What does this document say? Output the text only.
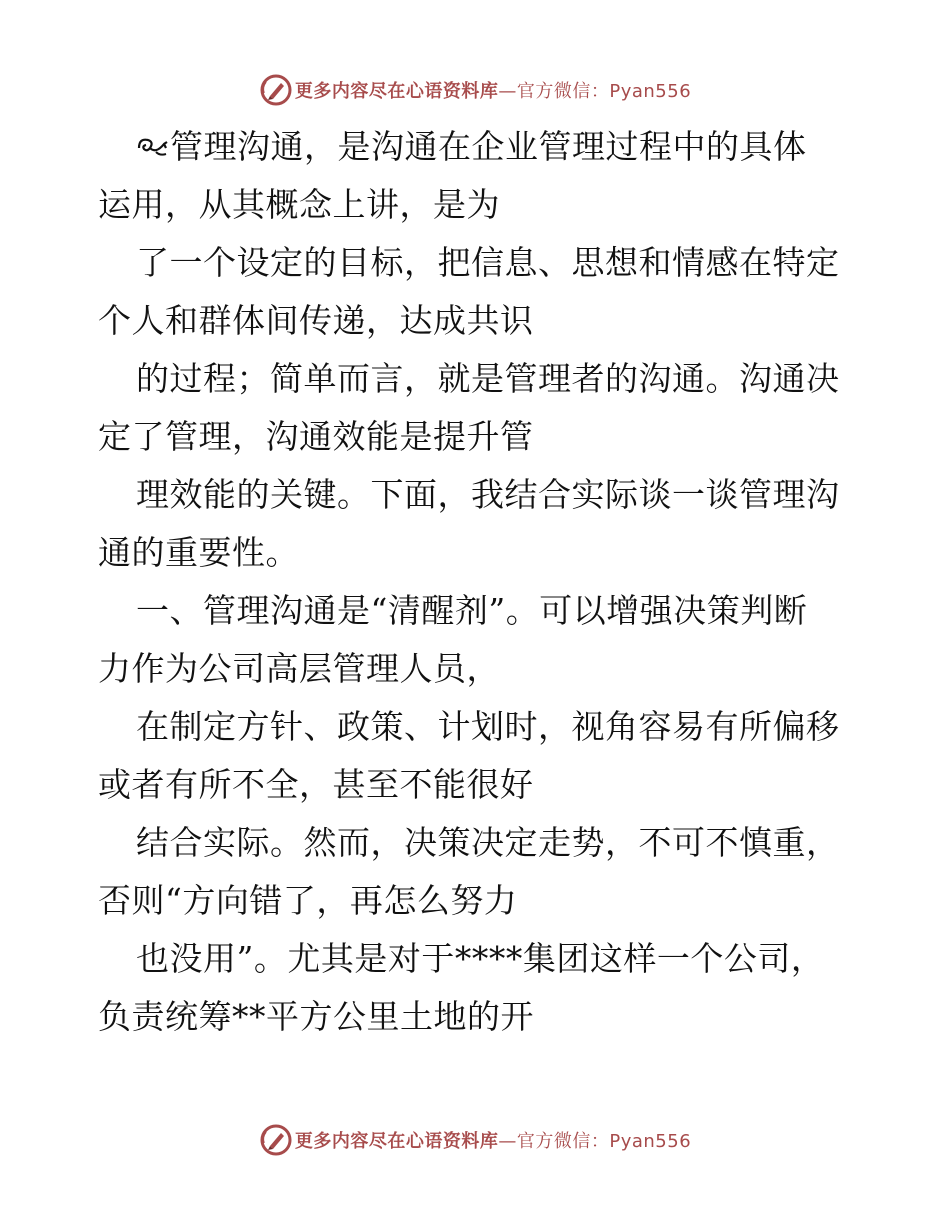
更多内容尽在心语资料库—官方微信：Pyan556
管理沟通，是沟通在企业管理过程中的具体
运用，从其概念上讲，是为
了一个设定的目标，把信息、思想和情感在特定
个人和群体间传递，达成共识
的过程；简单而言，就是管理者的沟通。沟通决
定了管理，沟通效能是提升管
理效能的关键。下面，我结合实际谈一谈管理沟
通的重要性。
一、管理沟通是“清醒剂”。可以增强决策判断
力作为公司高层管理人员，
在制定方针、政策、计划时，视角容易有所偏移
或者有所不全，甚至不能很好
结合实际。然而，决策决定走势，不可不慎重，
否则“方向错了，再怎么努力
也没用”。尤其是对于****集团这样一个公司，
负责统筹**平方公里土地的开
更多内容尽在心语资料库—官方微信：Pyan556
